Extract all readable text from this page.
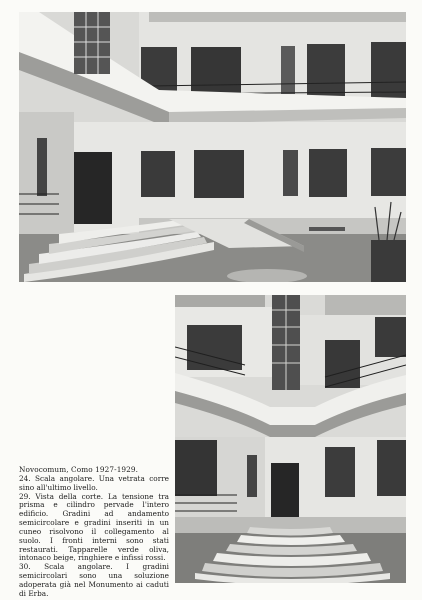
Novocomum, Como 1927-1929.

24. Scala angolare. Una vetrata corre sino all'ultimo livello.

29. Vista della corte. La tensione tra prisma e cilindro pervade l'intero edificio. Gradini ad andamento semicircolare e gradini inseriti in un cuneo risolvono il collegamento al suolo. I fronti interni sono stati restaurati. Tapparelle verde oliva, intonaco beige, ringhiere e infissi rossi.

30. Scala angolare. I gradini semicircolari sono una soluzione adoperata già nel Monumento ai caduti di Erba.
